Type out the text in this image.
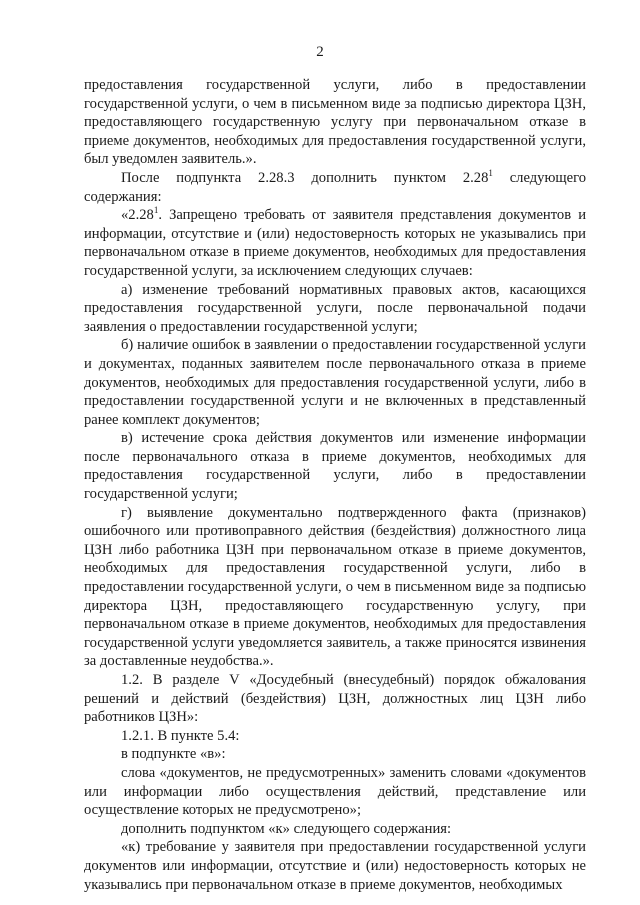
2

предоставления государственной услуги, либо в предоставлении государственной услуги, о чем в письменном виде за подписью директора ЦЗН, предоставляющего государственную услугу при первоначальном отказе в приеме документов, необходимых для предоставления государственной услуги, был уведомлен заявитель.».

После подпункта 2.28.3 дополнить пунктом 2.28$^1$ следующего содержания:

«2.28$^1$. Запрещено требовать от заявителя представления документов и информации, отсутствие и (или) недостоверность которых не указывались при первоначальном отказе в приеме документов, необходимых для предоставления государственной услуги, за исключением следующих случаев:

а) изменение требований нормативных правовых актов, касающихся предоставления государственной услуги, после первоначальной подачи заявления о предоставлении государственной услуги;

б) наличие ошибок в заявлении о предоставлении государственной услуги и документах, поданных заявителем после первоначального отказа в приеме документов, необходимых для предоставления государственной услуги, либо в предоставлении государственной услуги и не включенных в представленный ранее комплект документов;

в) истечение срока действия документов или изменение информации после первоначального отказа в приеме документов, необходимых для предоставления государственной услуги, либо в предоставлении государственной услуги;

г) выявление документально подтвержденного факта (признаков) ошибочного или противоправного действия (бездействия) должностного лица ЦЗН либо работника ЦЗН при первоначальном отказе в приеме документов, необходимых для предоставления государственной услуги, либо в предоставлении государственной услуги, о чем в письменном виде за подписью директора ЦЗН, предоставляющего государственную услугу, при первоначальном отказе в приеме документов, необходимых для предоставления государственной услуги уведомляется заявитель, а также приносятся извинения за доставленные неудобства.».

1.2. В разделе V «Досудебный (внесудебный) порядок обжалования решений и действий (бездействия) ЦЗН, должностных лиц ЦЗН либо работников ЦЗН»:

1.2.1. В пункте 5.4:

в подпункте «в»:

слова «документов, не предусмотренных» заменить словами «документов или информации либо осуществления действий, представление или осуществление которых не предусмотрено»;

дополнить подпунктом «к» следующего содержания:

«к) требование у заявителя при предоставлении государственной услуги документов или информации, отсутствие и (или) недостоверность которых не указывались при первоначальном отказе в приеме документов, необходимых
